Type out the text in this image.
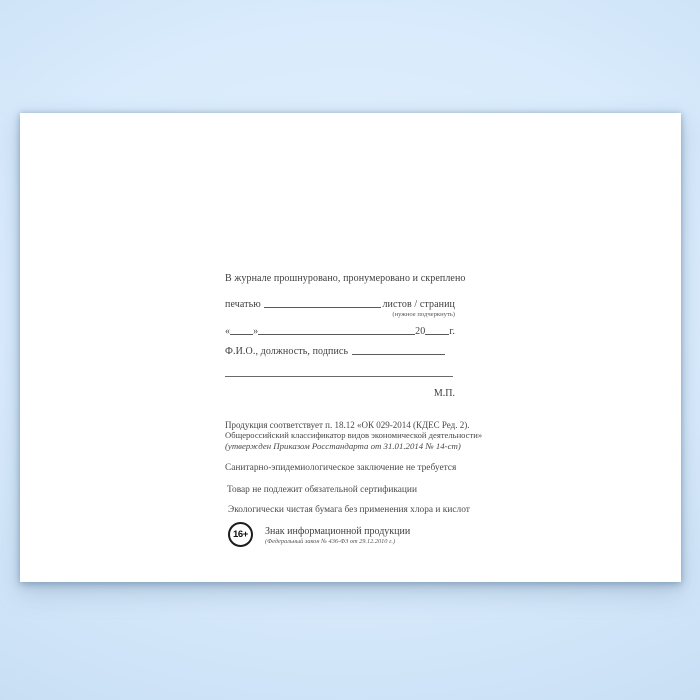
В журнале прошнуровано, пронумеровано и скреплено
печатью	листов / страниц
(нужное подчеркнуть)
« »	20 г.
Ф.И.О., должность, подпись
М.П.
Продукция соответствует п. 18.12 «ОК 029-2014 (КДЕС Ред. 2).
Общероссийский классификатор видов экономической деятельности»
(утвержден Приказом Росстандарта от 31.01.2014 № 14-ст)
Санитарно-эпидемиологическое заключение не требуется
Товар не подлежит обязательной сертификации
Экологически чистая бумага без применения хлора и кислот
16+	Знак информационной продукции
(Федеральный закон № 436-ФЗ от 29.12.2010 г.)
